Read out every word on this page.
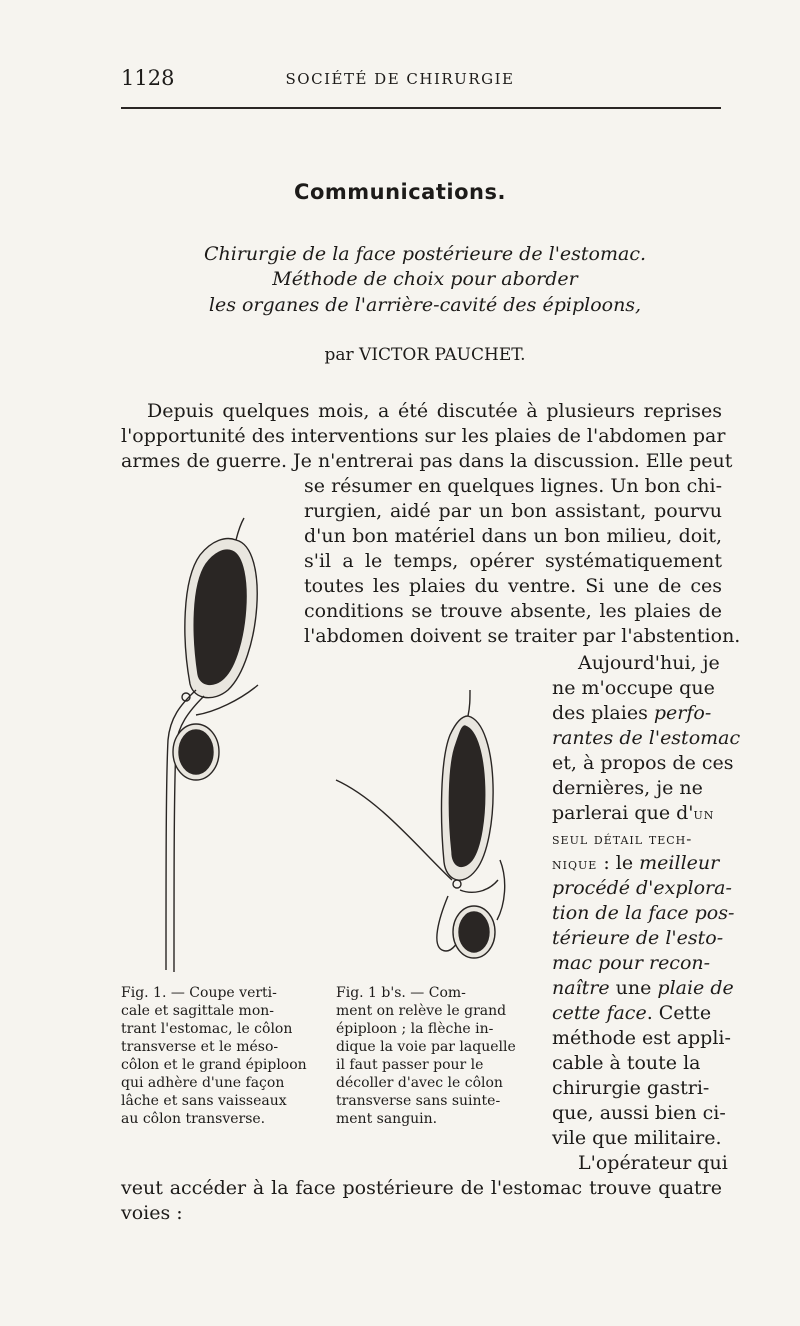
1128	SOCIÉTÉ DE CHIRURGIE
Communications.
Chirurgie de la face postérieure de l'estomac.
Méthode de choix pour aborder
les organes de l'arrière-cavité des épiploons,
par VICTOR PAUCHET.
Depuis quelques mois, a été discutée à plusieurs reprises
l'opportunité des interventions sur les plaies de l'abdomen par
armes de guerre. Je n'entrerai pas dans la discussion. Elle peut
se résumer en quelques lignes. Un bon chi-
rurgien, aidé par un bon assistant, pourvu
d'un bon matériel dans un bon milieu, doit,
s'il a le temps, opérer systématiquement
toutes les plaies du ventre. Si une de ces
conditions se trouve absente, les plaies de
l'abdomen doivent se traiter par l'abstention.
Aujourd'hui, je
ne m'occupe que
des plaies perfo-
rantes de l'estomac
et, à propos de ces
dernières, je ne
parlerai que d'un
seul détail tech-
nique : le meilleur
procédé d'explora-
tion de la face pos-
térieure de l'esto-
mac pour recon-
naître une plaie de
cette face. Cette
méthode est appli-
cable à toute la
chirurgie gastri-
que, aussi bien ci-
vile que militaire.
L'opérateur qui
veut accéder à la face postérieure de l'estomac trouve quatre
voies :
Fig. 1. — Coupe verti-
cale et sagittale mon-
trant l'estomac, le côlon
transverse et le méso-
côlon et le grand épiploon
qui adhère d'une façon
lâche et sans vaisseaux
au côlon transverse.
Fig. 1 b's. — Com-
ment on relève le grand
épiploon ; la flèche in-
dique la voie par laquelle
il faut passer pour le
décoller d'avec le côlon
transverse sans suinte-
ment sanguin.
